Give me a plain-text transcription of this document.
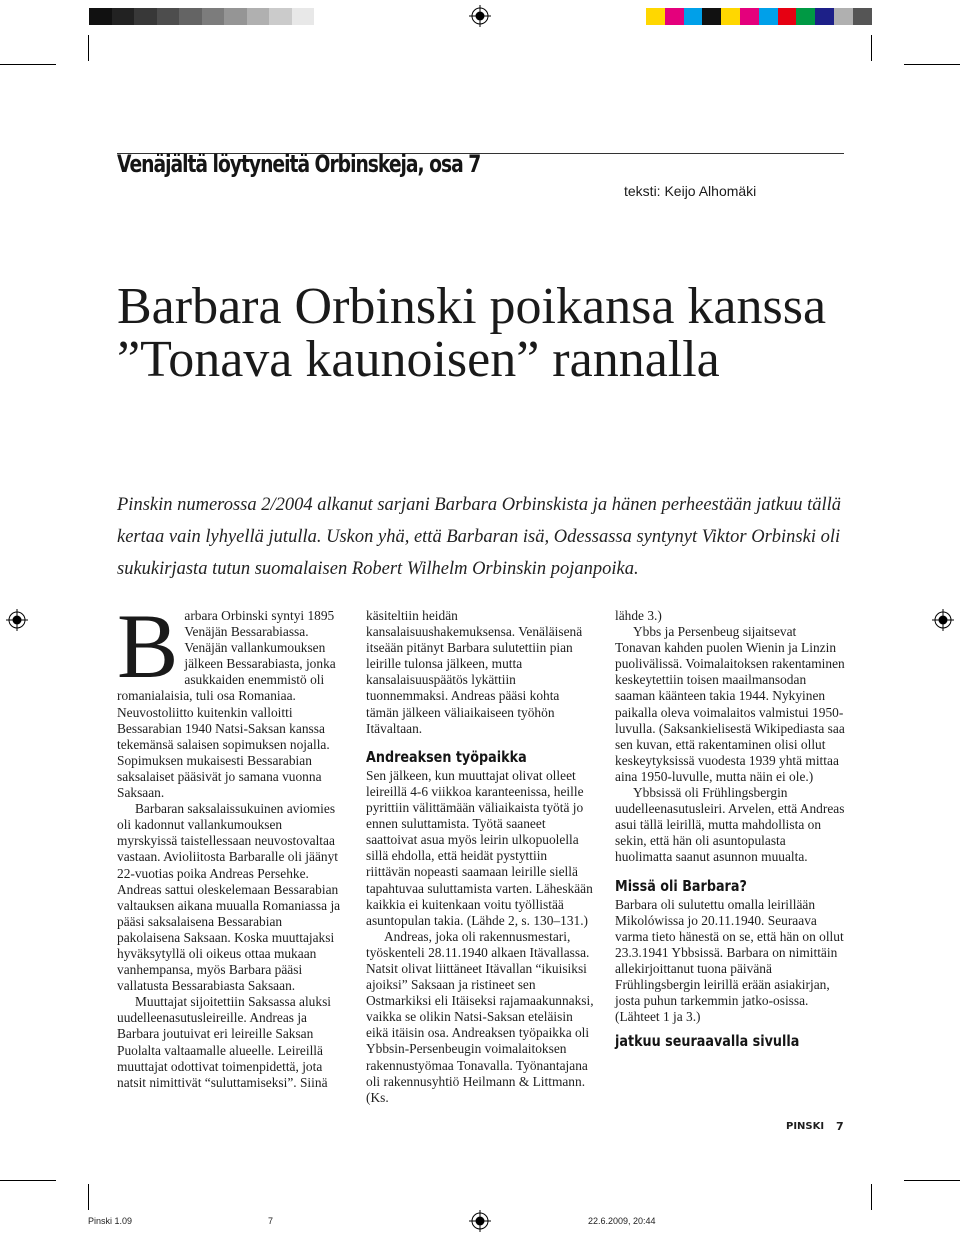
Venäjältä löytyneitä Orbinskeja, osa 7
teksti: Keijo Alhomäki
Barbara Orbinski poikansa kanssa ”Tonava kaunoisen” rannalla
Pinskin numerossa 2/2004 alkanut sarjani Barbara Orbinskista ja hänen perheestään jatkuu tällä kertaa vain lyhyellä jutulla. Uskon yhä, että Barbaran isä, Odessassa syntynyt Viktor Orbinski oli sukukirjasta tutun suomalaisen Robert Wilhelm Orbinskin pojanpoika.
B arbara Orbinski syntyi 1895 Venäjän Bessarabiassa. Venäjän vallankumouksen jälkeen Bessarabiasta, jonka asukkaiden enemmistö oli romanialaisia, tuli osa Romaniaa. Neuvostoliitto kuitenkin valloitti Bessarabian 1940 Natsi-Saksan kanssa tekemänsä salaisen sopimuksen nojalla. Sopimuksen mukaisesti Bessarabian saksalaiset pääsivät jo samana vuonna Saksaan.

Barbaran saksalaissukuinen aviomies oli kadonnut vallankumouksen myrskyissä taistellessaan neuvostovaltaa vastaan. Avioliitosta Barbaralle oli jäänyt 22-vuotias poika Andreas Persehke. Andreas sattui oleskelemaan Bessarabian valtauksen aikana muualla Romaniassa ja pääsi saksalaisena Bessarabian pakolaisena Saksaan. Koska muuttajaksi hyväksytyllä oli oikeus ottaa mukaan vanhempansa, myös Barbara pääsi vallatusta Bessarabiasta Saksaan.

Muuttajat sijoitettiin Saksassa aluksi uudelleenasutusleireille. Andreas ja Barbara joutuivat eri leireille Saksan Puolalta valtaamalle alueelle. Leireillä muuttajat odottivat toimenpidettä, jota natsit nimittivät “suluttamiseksi”. Siinä

käsiteltiin heidän kansalaisuushakemuksensa. Venäläisenä itseään pitänyt Barbara sulutettiin pian leirille tulonsa jälkeen, mutta kansalaisuuspäätös lykättiin tuonnemmaksi. Andreas pääsi kohta tämän jälkeen väliaikaiseen työhön Itävaltaan.

Andreaksen työpaikka

Sen jälkeen, kun muuttajat olivat olleet leireillä 4-6 viikkoa karanteenissa, heille pyrittiin välittämään väliaikaista työtä jo ennen suluttamista. Työtä saaneet saattoivat asua myös leirin ulkopuolella sillä ehdolla, että heidät pystyttiin riittävän nopeasti saamaan leirille siellä tapahtuvaa suluttamista varten. Läheskään kaikkia ei kuitenkaan voitu työllistää asuntopulan takia. (Lähde 2, s. 130–131.)

Andreas, joka oli rakennusmestari, työskenteli 28.11.1940 alkaen Itävallassa. Natsit olivat liittäneet Itävallan “ikuisiksi ajoiksi” Saksaan ja ristineet sen Ostmarkiksi eli Itäiseksi rajamaakunnaksi, vaikka se olikin Natsi-Saksan eteläisin eikä itäisin osa. Andreaksen työpaikka oli Ybbsin-Persenbeugin voimalaitoksen rakennustyömaa Tonavalla. Työnantajana oli rakennusyhtiö Heilmann & Littmann. (Ks.

lähde 3.)

Ybbs ja Persenbeug sijaitsevat Tonavan kahden puolen Wienin ja Linzin puolivälissä. Voimalaitoksen rakentaminen keskeytettiin toisen maailmansodan saaman käänteen takia 1944. Nykyinen paikalla oleva voimalaitos valmistui 1950-luvulla. (Saksankielisestä Wikipediasta saa sen kuvan, että rakentaminen olisi ollut keskeytyksissä vuodesta 1939 yhtä mittaa aina 1950-luvulle, mutta näin ei ole.)

Ybbsissä oli Frühlingsbergin uudelleenasutusleiri. Arvelen, että Andreas asui tällä leirillä, mutta mahdollista on sekin, että hän oli asuntopulasta huolimatta saanut asunnon muualta.

Missä oli Barbara?

Barbara oli sulutettu omalla leirillään Mikolówissa jo 20.11.1940. Seuraava varma tieto hänestä on se, että hän on ollut 23.3.1941 Ybbsissä. Barbara on nimittäin allekirjoittanut tuona päivänä Frühlingsbergin leirillä erään asiakirjan, josta puhun tarkemmin jatko-osissa. (Lähteet 1 ja 3.)

jatkuu seuraavalla sivulla
PINSKI 7
Pinski 1.09	7	22.6.2009, 20:44
